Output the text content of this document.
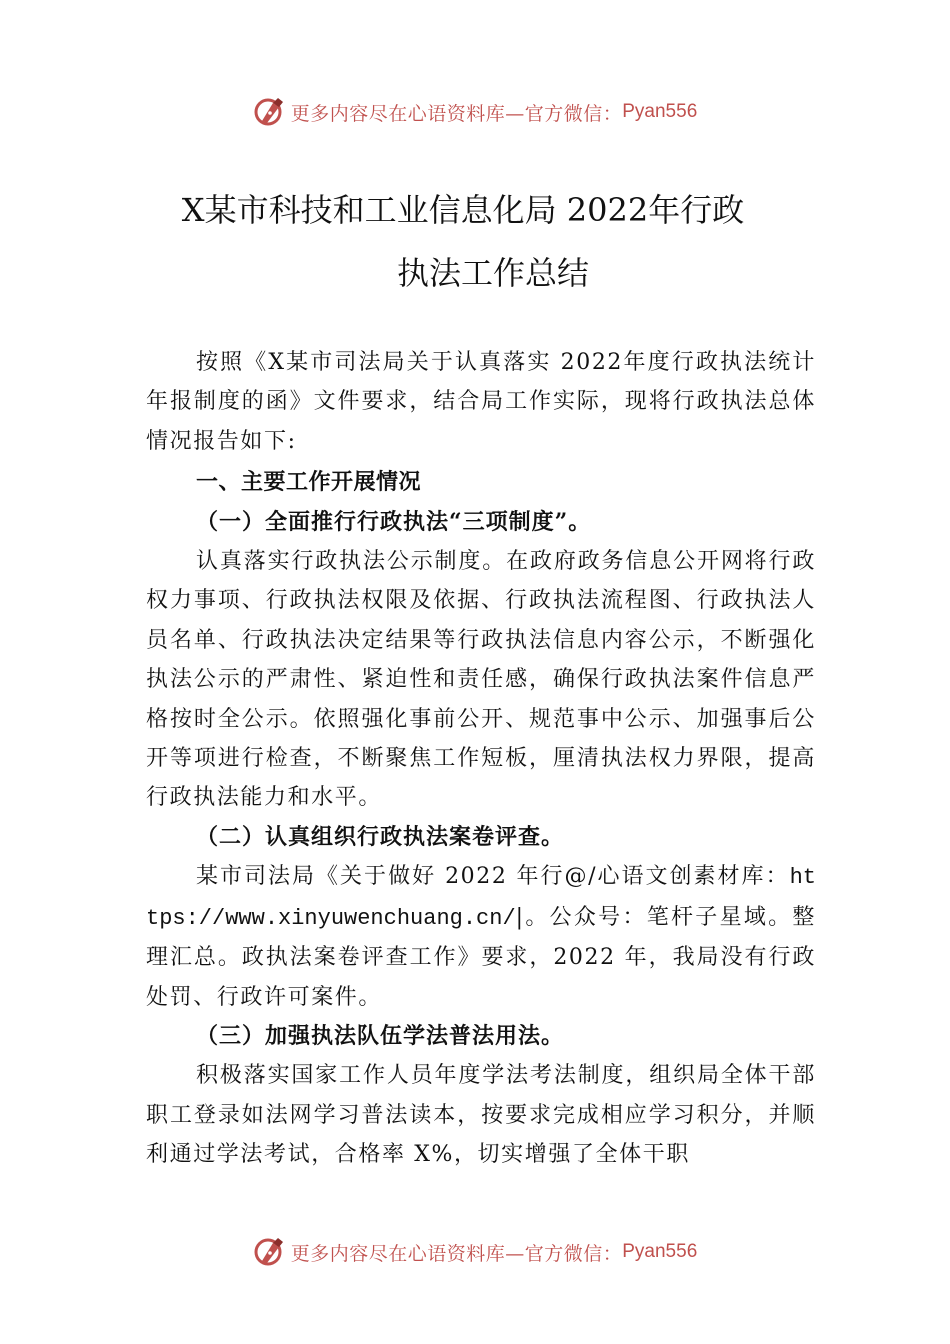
更多内容尽在心语资料库—官方微信： Pyan556
X某市科技和工业信息化局 2022年行政
执法工作总结

按照《X某市司法局关于认真落实 2022年度行政执法统计年报制度的函》文件要求，结合局工作实际，现将行政执法总体情况报告如下:

一、主要工作开展情况

（一）全面推行行政执法“三项制度”。

认真落实行政执法公示制度。在政府政务信息公开网将行政权力事项、行政执法权限及依据、行政执法流程图、行政执法人员名单、行政执法决定结果等行政执法信息内容公示，不断强化执法公示的严肃性、紧迫性和责任感，确保行政执法案件信息严格按时全公示。依照强化事前公开、规范事中公示、加强事后公开等项进行检查，不断聚焦工作短板，厘清执法权力界限，提高行政执法能力和水平。

（二）认真组织行政执法案卷评查。

某市司法局《关于做好 2022 年行@/心语文创素材库：https://www.xinyuwenchuang.cn/|。公众号：笔杆子星域。整理汇总。政执法案卷评查工作》要求，2022 年，我局没有行政处罚、行政许可案件。

（三）加强执法队伍学法普法用法。

积极落实国家工作人员年度学法考法制度，组织局全体干部职工登录如法网学习普法读本，按要求完成相应学习积分，并顺利通过学法考试，合格率 X%，切实增强了全体干职

更多内容尽在心语资料库—官方微信： Pyan556
